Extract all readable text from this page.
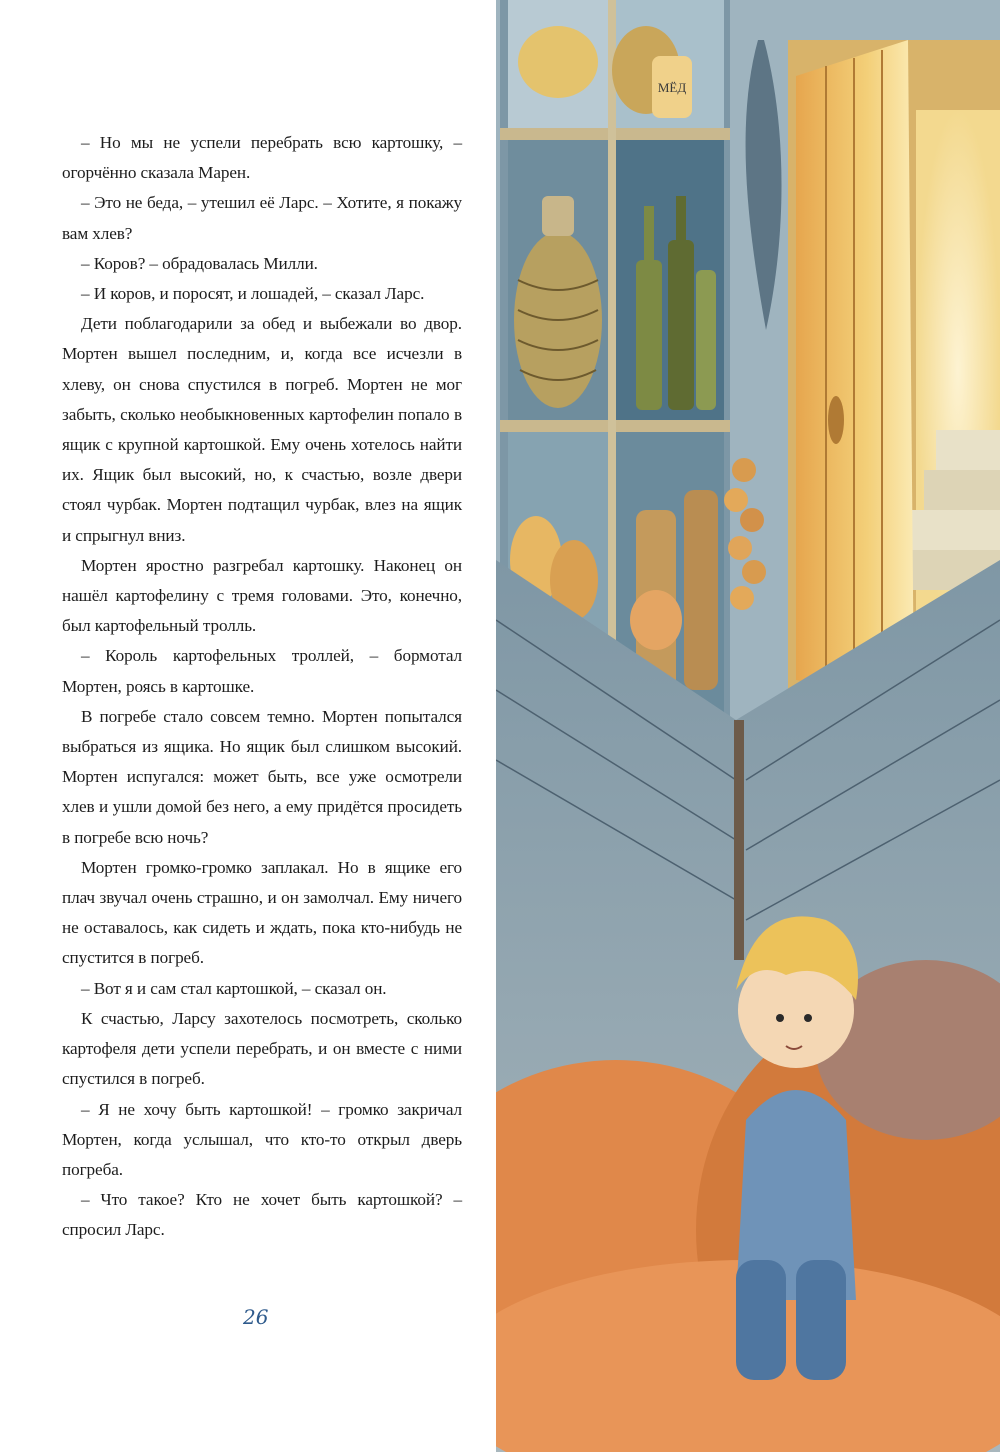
– Но мы не успели перебрать всю картошку, – огорчённо сказала Марен.

– Это не беда, – утешил её Ларс. – Хотите, я покажу вам хлев?

– Коров? – обрадовалась Милли.

– И коров, и поросят, и лошадей, – сказал Ларс.

Дети поблагодарили за обед и выбежали во двор. Мортен вышел последним, и, когда все исчезли в хлеву, он снова спустился в погреб. Мортен не мог забыть, сколько необыкновенных картофелин попало в ящик с крупной картошкой. Ему очень хотелось найти их. Ящик был высокий, но, к счастью, возле двери стоял чурбак. Мортен подтащил чурбак, влез на ящик и спрыгнул вниз.

Мортен яростно разгребал картошку. Наконец он нашёл картофелину с тремя головами. Это, конечно, был картофельный тролль.

– Король картофельных троллей, – бормотал Мортен, роясь в картошке.

В погребе стало совсем темно. Мортен попытался выбраться из ящика. Но ящик был слишком высокий. Мортен испугался: может быть, все уже осмотрели хлев и ушли домой без него, а ему придётся просидеть в погребе всю ночь?

Мортен громко-громко заплакал. Но в ящике его плач звучал очень страшно, и он замолчал. Ему ничего не оставалось, как сидеть и ждать, пока кто-нибудь не спустится в погреб.

– Вот я и сам стал картошкой, – сказал он.

К счастью, Ларсу захотелось посмотреть, сколько картофеля дети успели перебрать, и он вместе с ними спустился в погреб.

– Я не хочу быть картошкой! – громко закричал Мортен, когда услышал, что кто-то открыл дверь погреба.

– Что такое? Кто не хочет быть картошкой? – спросил Ларс.

26
МЁД
